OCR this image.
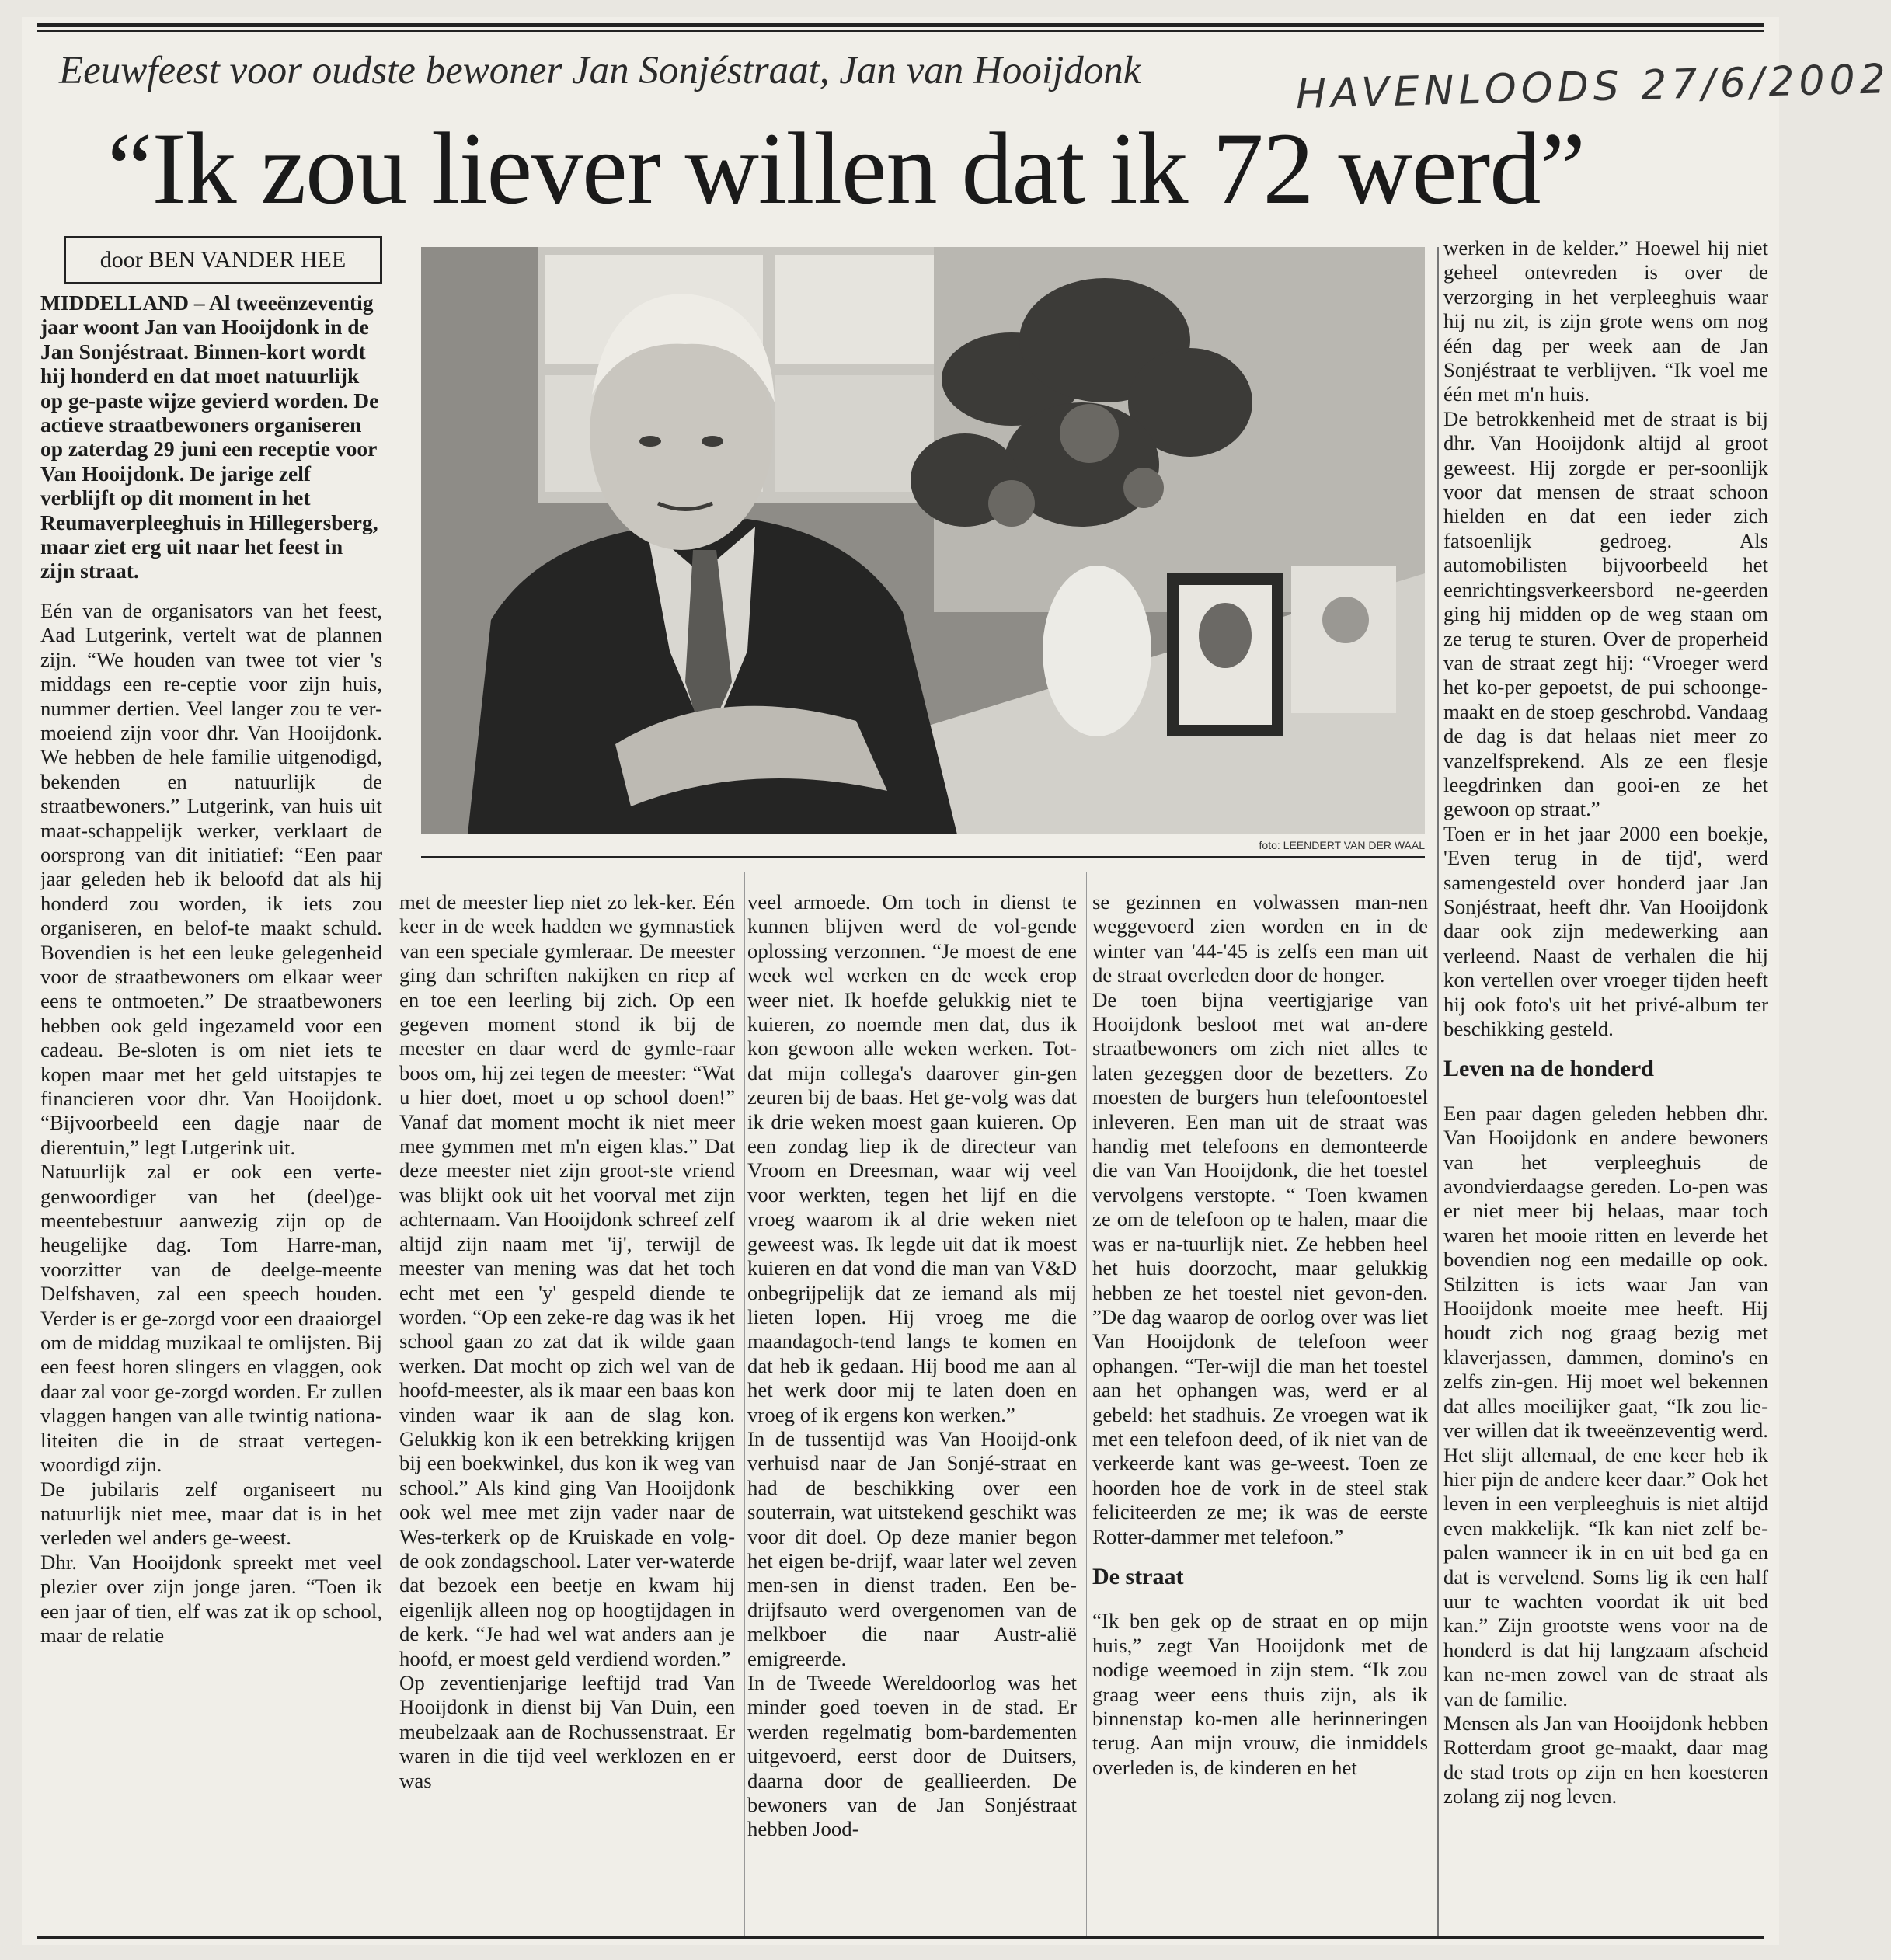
Eeuwfeest voor oudste bewoner Jan Sonjéstraat, Jan van Hooijdonk	HAVENLOODS 27/6/2002
“Ik zou liever willen dat ik 72 werd”
door BEN VANDER HEE
foto: LEENDERT VAN DER WAAL

MIDDELLAND – Al tweeënzeventig jaar woont Jan van Hooijdonk in de Jan Sonjéstraat. Binnen-kort wordt hij honderd en dat moet natuurlijk op ge-paste wijze gevierd worden. De actieve straatbewoners organiseren op zaterdag 29 juni een receptie voor Van Hooijdonk. De jarige zelf verblijft op dit moment in het Reumaverpleeghuis in Hillegersberg, maar ziet erg uit naar het feest in zijn straat.

Eén van de organisators van het feest, Aad Lutgerink, vertelt wat de plannen zijn. “We houden van twee tot vier 's middags een re-ceptie voor zijn huis, nummer dertien. Veel langer zou te ver-moeiend zijn voor dhr. Van Hooijdonk. We hebben de hele familie uitgenodigd, bekenden en natuurlijk de straatbewoners.” Lutgerink, van huis uit maat-schappelijk werker, verklaart de oorsprong van dit initiatief: “Een paar jaar geleden heb ik beloofd dat als hij honderd zou worden, ik iets zou organiseren, en belof-te maakt schuld. Bovendien is het een leuke gelegenheid voor de straatbewoners om elkaar weer eens te ontmoeten.” De straatbewoners hebben ook geld ingezameld voor een cadeau. Be-sloten is om niet iets te kopen maar met het geld uitstapjes te financieren voor dhr. Van Hooijdonk. “Bijvoorbeeld een dagje naar de dierentuin,” legt Lutgerink uit.

Natuurlijk zal er ook een verte-genwoordiger van het (deel)ge-meentebestuur aanwezig zijn op de heugelijke dag. Tom Harre-man, voorzitter van de deelge-meente Delfshaven, zal een speech houden. Verder is er ge-zorgd voor een draaiorgel om de middag muzikaal te omlijsten. Bij een feest horen slingers en vlaggen, ook daar zal voor ge-zorgd worden. Er zullen vlaggen hangen van alle twintig nationa-liteiten die in de straat vertegen-woordigd zijn.

De jubilaris zelf organiseert nu natuurlijk niet mee, maar dat is in het verleden wel anders ge-weest.

Dhr. Van Hooijdonk spreekt met veel plezier over zijn jonge jaren. “Toen ik een jaar of tien, elf was zat ik op school, maar de relatie

met de meester liep niet zo lek-ker. Eén keer in de week hadden we gymnastiek van een speciale gymleraar. De meester ging dan schriften nakijken en riep af en toe een leerling bij zich. Op een gegeven moment stond ik bij de meester en daar werd de gymle-raar boos om, hij zei tegen de meester: “Wat u hier doet, moet u op school doen!” Vanaf dat moment mocht ik niet meer mee gymmen met m'n eigen klas.” Dat deze meester niet zijn groot-ste vriend was blijkt ook uit het voorval met zijn achternaam. Van Hooijdonk schreef zelf altijd zijn naam met 'ij', terwijl de meester van mening was dat het toch echt met een 'y' gespeld diende te worden. “Op een zeke-re dag was ik het school gaan zo zat dat ik wilde gaan werken. Dat mocht op zich wel van de hoofd-meester, als ik maar een baas kon vinden waar ik aan de slag kon. Gelukkig kon ik een betrekking krijgen bij een boekwinkel, dus kon ik weg van school.” Als kind ging Van Hooijdonk ook wel mee met zijn vader naar de Wes-terkerk op de Kruiskade en volg-de ook zondagschool. Later ver-waterde dat bezoek een beetje en kwam hij eigenlijk alleen nog op hoogtijdagen in de kerk. “Je had wel wat anders aan je hoofd, er moest geld verdiend worden.”

Op zeventienjarige leeftijd trad Van Hooijdonk in dienst bij Van Duin, een meubelzaak aan de Rochussenstraat. Er waren in die tijd veel werklozen en er was

veel armoede. Om toch in dienst te kunnen blijven werd de vol-gende oplossing verzonnen. “Je moest de ene week wel werken en de week erop weer niet. Ik hoefde gelukkig niet te kuieren, zo noemde men dat, dus ik kon gewoon alle weken werken. Tot-dat mijn collega's daarover gin-gen zeuren bij de baas. Het ge-volg was dat ik drie weken moest gaan kuieren. Op een zondag liep ik de directeur van Vroom en Dreesman, waar wij veel voor werkten, tegen het lijf en die vroeg waarom ik al drie weken niet geweest was. Ik legde uit dat ik moest kuieren en dat vond die man van V&D onbegrijpelijk dat ze iemand als mij lieten lopen. Hij vroeg me die maandagoch-tend langs te komen en dat heb ik gedaan. Hij bood me aan al het werk door mij te laten doen en vroeg of ik ergens kon werken.”

In de tussentijd was Van Hooijd-onk verhuisd naar de Jan Sonjé-straat en had de beschikking over een souterrain, wat uitstekend geschikt was voor dit doel. Op deze manier begon het eigen be-drijf, waar later wel zeven men-sen in dienst traden. Een be-drijfsauto werd overgenomen van de melkboer die naar Austr-alië emigreerde.

In de Tweede Wereldoorlog was het minder goed toeven in de stad. Er werden regelmatig bom-bardementen uitgevoerd, eerst door de Duitsers, daarna door de geallieerden. De bewoners van de Jan Sonjéstraat hebben Jood-

se gezinnen en volwassen man-nen weggevoerd zien worden en in de winter van '44-'45 is zelfs een man uit de straat overleden door de honger.

De toen bijna veertigjarige van Hooijdonk besloot met wat an-dere straatbewoners om zich niet alles te laten gezeggen door de bezetters. Zo moesten de burgers hun telefoontoestel inleveren. Een man uit de straat was handig met telefoons en demonteerde die van Van Hooijdonk, die het toestel vervolgens verstopte. “ Toen kwamen ze om de telefoon op te halen, maar die was er na-tuurlijk niet. Ze hebben heel het huis doorzocht, maar gelukkig hebben ze het toestel niet gevon-den. ”De dag waarop de oorlog over was liet Van Hooijdonk de telefoon weer ophangen. “Ter-wijl die man het toestel aan het ophangen was, werd er al gebeld: het stadhuis. Ze vroegen wat ik met een telefoon deed, of ik niet van de verkeerde kant was ge-weest. Toen ze hoorden hoe de vork in de steel stak feliciteerden ze me; ik was de eerste Rotter-dammer met telefoon.”

De straat

“Ik ben gek op de straat en op mijn huis,” zegt Van Hooijdonk met de nodige weemoed in zijn stem. “Ik zou graag weer eens thuis zijn, als ik binnenstap ko-men alle herinneringen terug. Aan mijn vrouw, die inmiddels overleden is, de kinderen en het

werken in de kelder.” Hoewel hij niet geheel ontevreden is over de verzorging in het verpleeghuis waar hij nu zit, is zijn grote wens om nog één dag per week aan de Jan Sonjéstraat te verblijven. “Ik voel me één met m'n huis.

De betrokkenheid met de straat is bij dhr. Van Hooijdonk altijd al groot geweest. Hij zorgde er per-soonlijk voor dat mensen de straat schoon hielden en dat een ieder zich fatsoenlijk gedroeg. Als automobilisten bijvoorbeeld het eenrichtingsverkeersbord ne-geerden ging hij midden op de weg staan om ze terug te sturen. Over de properheid van de straat zegt hij: “Vroeger werd het ko-per gepoetst, de pui schoonge-maakt en de stoep geschrobd. Vandaag de dag is dat helaas niet meer zo vanzelfsprekend. Als ze een flesje leegdrinken dan gooi-en ze het gewoon op straat.”

Toen er in het jaar 2000 een boekje, 'Even terug in de tijd', werd samengesteld over honderd jaar Jan Sonjéstraat, heeft dhr. Van Hooijdonk daar ook zijn medewerking aan verleend. Naast de verhalen die hij kon vertellen over vroeger tijden heeft hij ook foto's uit het privé-album ter beschikking gesteld.

Leven na de honderd

Een paar dagen geleden hebben dhr. Van Hooijdonk en andere bewoners van het verpleeghuis de avondvierdaagse gereden. Lo-pen was er niet meer bij helaas, maar toch waren het mooie ritten en leverde het bovendien nog een medaille op ook. Stilzitten is iets waar Jan van Hooijdonk moeite mee heeft. Hij houdt zich nog graag bezig met klaverjassen, dammen, domino's en zelfs zin-gen. Hij moet wel bekennen dat alles moeilijker gaat, “Ik zou lie-ver willen dat ik tweeënzeventig werd. Het slijt allemaal, de ene keer heb ik hier pijn de andere keer daar.” Ook het leven in een verpleeghuis is niet altijd even makkelijk. “Ik kan niet zelf be-palen wanneer ik in en uit bed ga en dat is vervelend. Soms lig ik een half uur te wachten voordat ik uit bed kan.” Zijn grootste wens voor na de honderd is dat hij langzaam afscheid kan ne-men zowel van de straat als van de familie.

Mensen als Jan van Hooijdonk hebben Rotterdam groot ge-maakt, daar mag de stad trots op zijn en hen koesteren zolang zij nog leven.
